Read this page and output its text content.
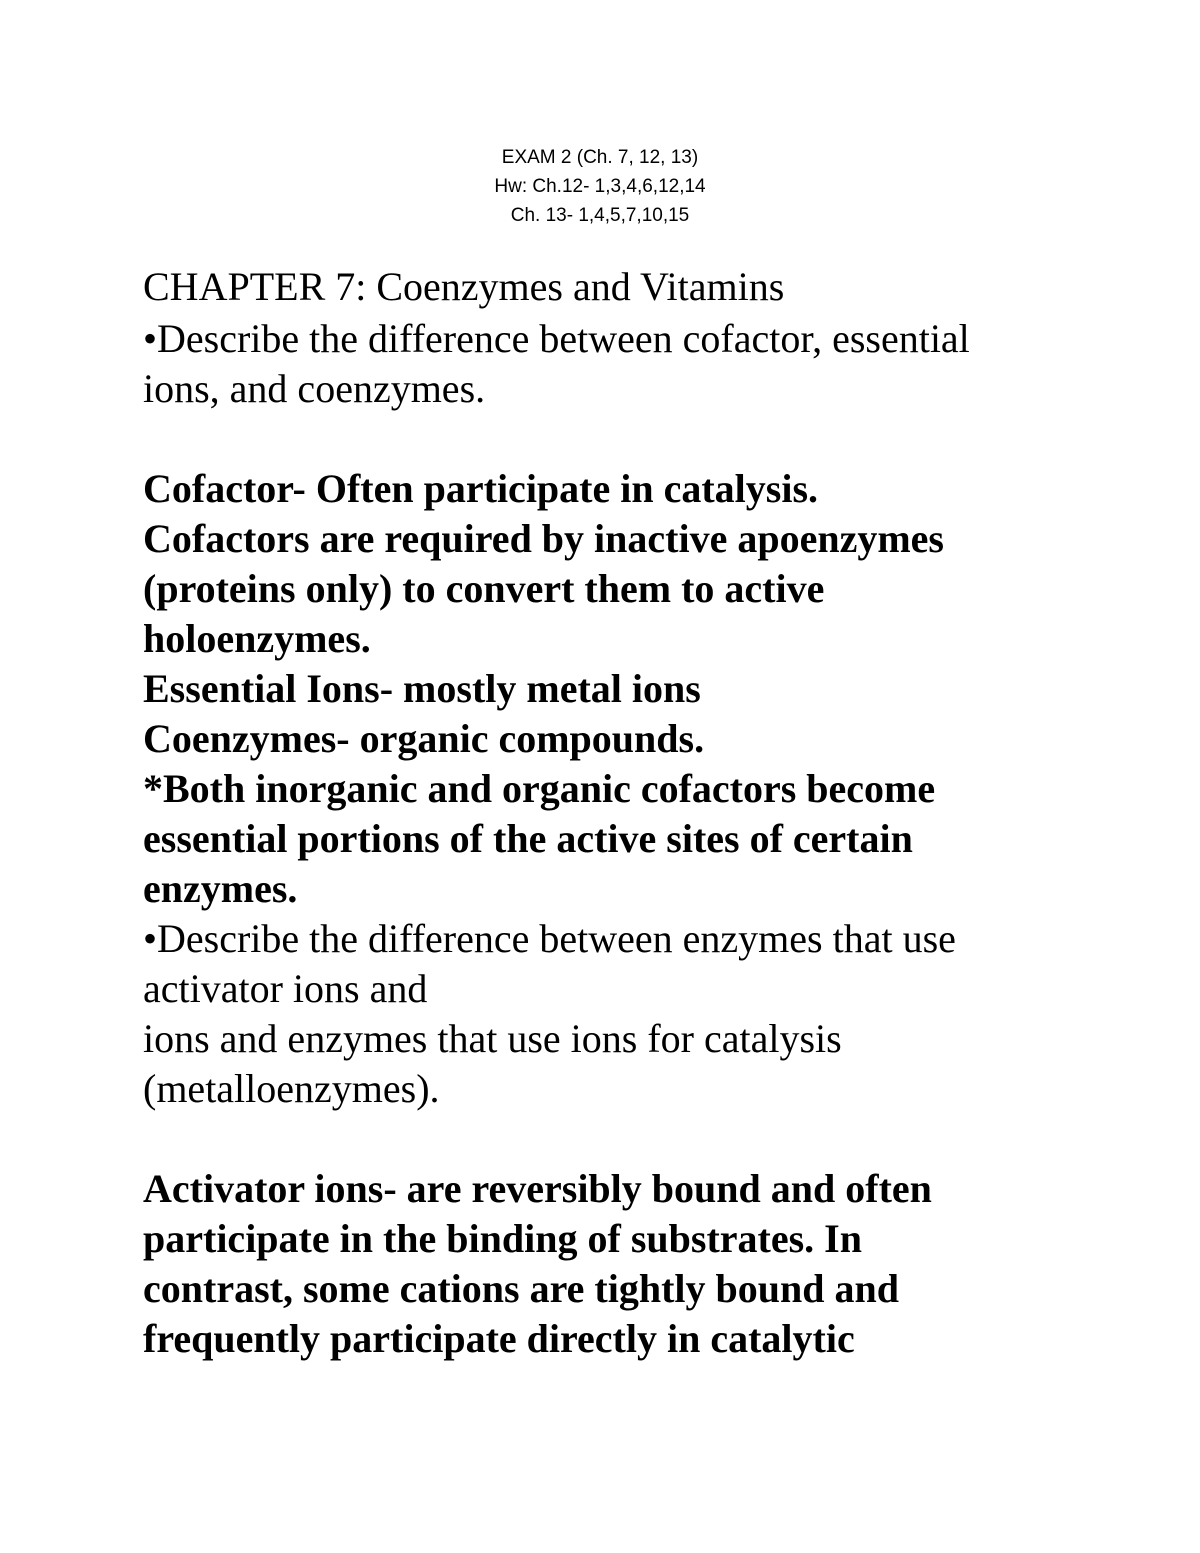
EXAM 2 (Ch. 7, 12, 13)
Hw: Ch.12- 1,3,4,6,12,14
Ch. 13- 1,4,5,7,10,15
CHAPTER 7: Coenzymes and Vitamins
•Describe the difference between cofactor, essential
ions, and coenzymes.
Cofactor- Often participate in catalysis.
Cofactors are required by inactive apoenzymes
(proteins only) to convert them to active
holoenzymes.
Essential Ions- mostly metal ions
Coenzymes- organic compounds.
*Both inorganic and organic cofactors become
essential portions of the active sites of certain
enzymes.
•Describe the difference between enzymes that use
activator ions and
ions and enzymes that use ions for catalysis
(metalloenzymes).
Activator ions- are reversibly bound and often
participate in the binding of substrates. In
contrast, some cations are tightly bound and
frequently participate directly in catalytic
